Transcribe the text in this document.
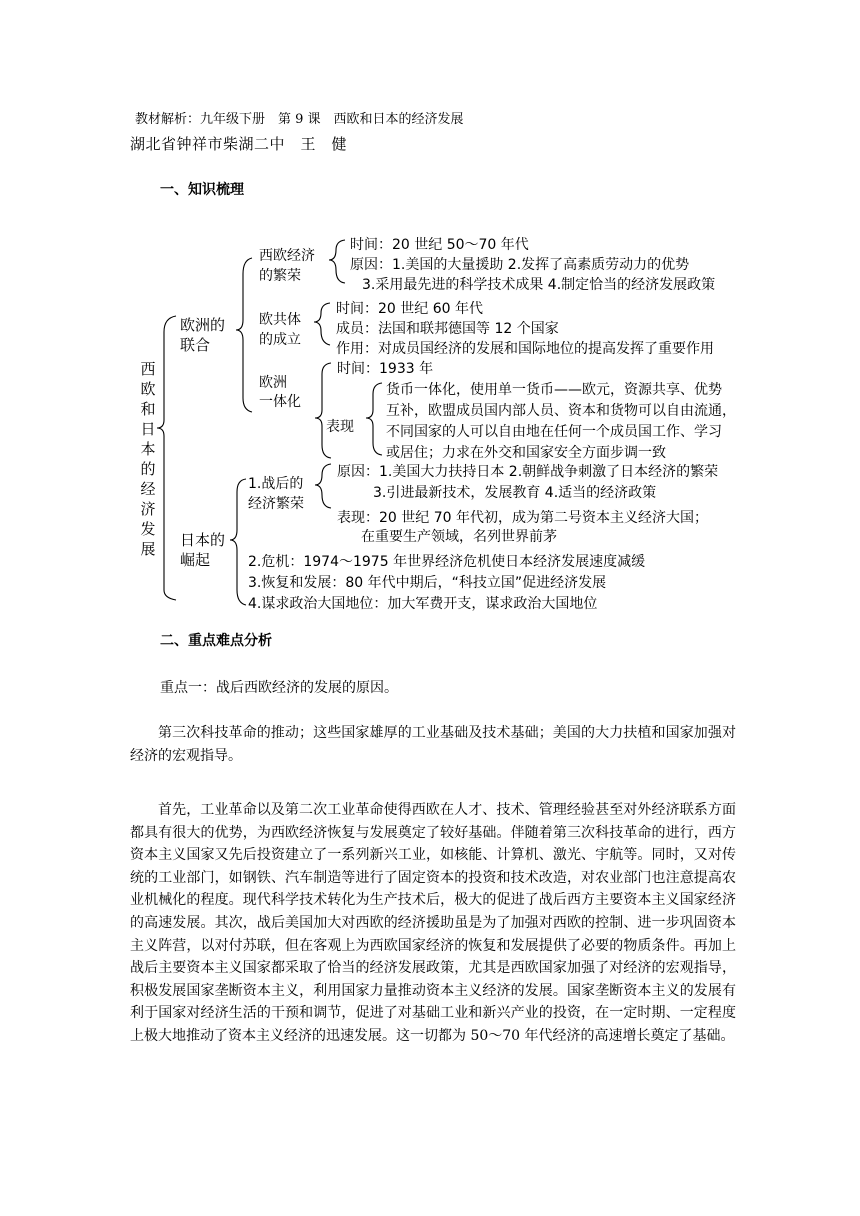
教材解析：九年级下册　第 9 课　西欧和日本的经济发展
湖北省钟祥市柴湖二中　王　健
一、知识梳理
西
欧
和
日
本
的
经
济
发
展
欧洲的
联合
西欧经济
的繁荣
时间：20 世纪 50～70 年代
原因：1.美国的大量援助 2.发挥了高素质劳动力的优势
3.采用最先进的科学技术成果 4.制定恰当的经济发展政策
欧共体
的成立
时间：20 世纪 60 年代
成员：法国和联邦德国等 12 个国家
作用：对成员国经济的发展和国际地位的提高发挥了重要作用
欧洲
一体化
时间：1933 年
表现
货币一体化，使用单一货币——欧元，资源共享、优势
互补，欧盟成员国内部人员、资本和货物可以自由流通，
不同国家的人可以自由地在任何一个成员国工作、学习
或居住；力求在外交和国家安全方面步调一致
日本的
崛起
1.战后的
经济繁荣
原因：1.美国大力扶持日本 2.朝鲜战争刺激了日本经济的繁荣
3.引进最新技术，发展教育 4.适当的经济政策
表现：20 世纪 70 年代初，成为第二号资本主义经济大国；
在重要生产领域，名列世界前茅
2.危机：1974～1975 年世界经济危机使日本经济发展速度减缓
3.恢复和发展：80 年代中期后，“科技立国”促进经济发展
4.谋求政治大国地位：加大军费开支，谋求政治大国地位
二、重点难点分析
重点一：战后西欧经济的发展的原因。
第三次科技革命的推动；这些国家雄厚的工业基础及技术基础；美国的大力扶植和国家加强对经济的宏观指导。
首先，工业革命以及第二次工业革命使得西欧在人才、技术、管理经验甚至对外经济联系方面都具有很大的优势，为西欧经济恢复与发展奠定了较好基础。伴随着第三次科技革命的进行，西方资本主义国家又先后投资建立了一系列新兴工业，如核能、计算机、激光、宇航等。同时，又对传统的工业部门，如钢铁、汽车制造等进行了固定资本的投资和技术改造，对农业部门也注意提高农业机械化的程度。现代科学技术转化为生产技术后，极大的促进了战后西方主要资本主义国家经济的高速发展。其次，战后美国加大对西欧的经济援助虽是为了加强对西欧的控制、进一步巩固资本主义阵营，以对付苏联，但在客观上为西欧国家经济的恢复和发展提供了必要的物质条件。再加上战后主要资本主义国家都采取了恰当的经济发展政策，尤其是西欧国家加强了对经济的宏观指导，积极发展国家垄断资本主义，利用国家力量推动资本主义经济的发展。国家垄断资本主义的发展有利于国家对经济生活的干预和调节，促进了对基础工业和新兴产业的投资，在一定时期、一定程度上极大地推动了资本主义经济的迅速发展。这一切都为 50～70 年代经济的高速增长奠定了基础。
